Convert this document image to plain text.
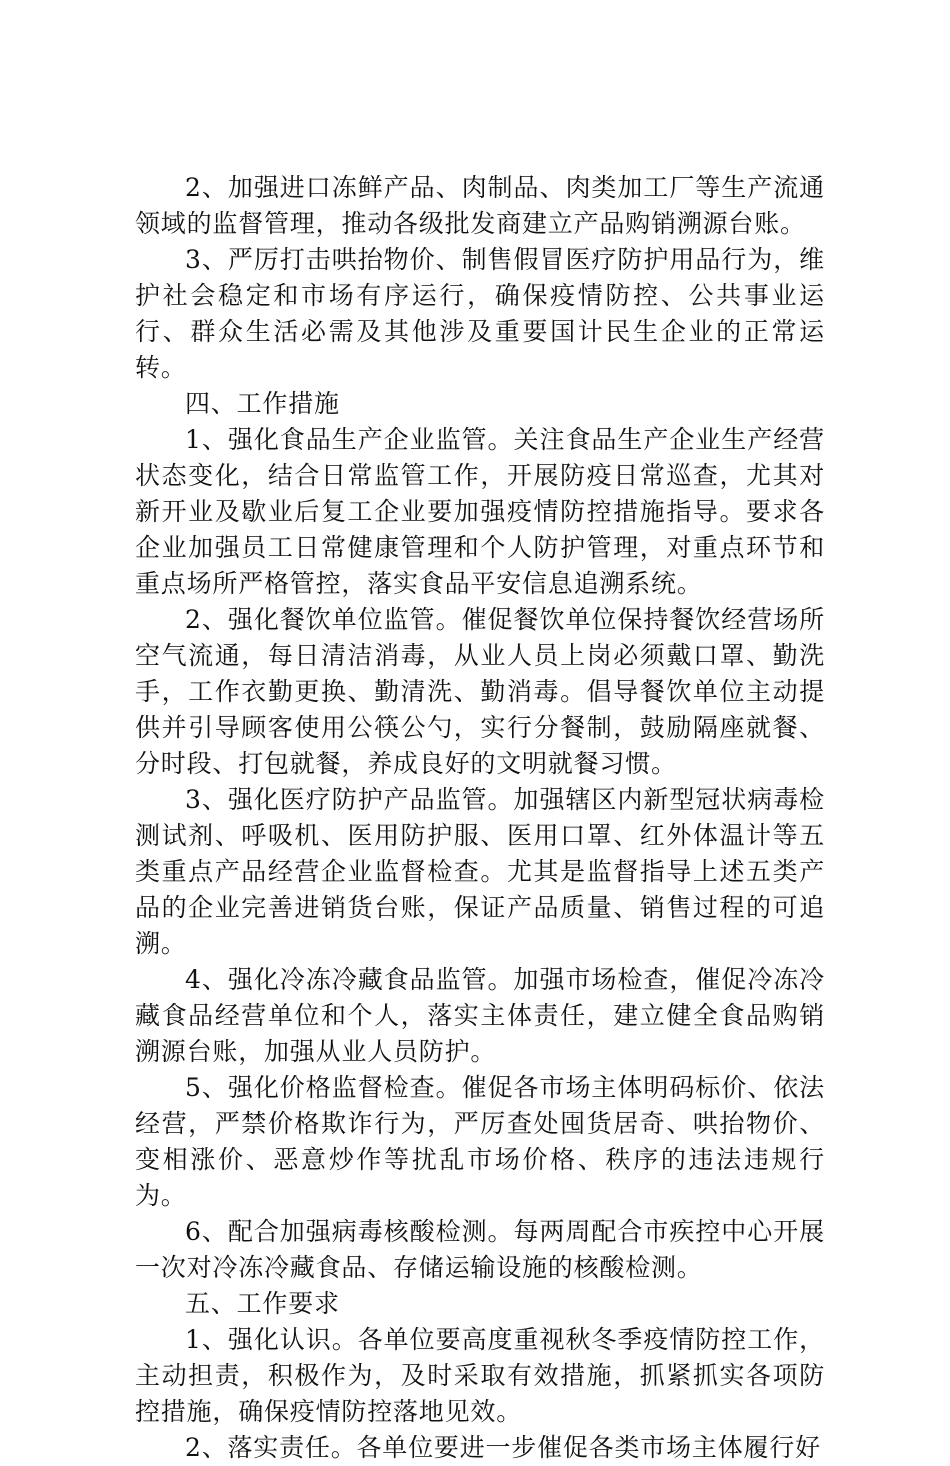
2、加强进口冻鲜产品、肉制品、肉类加工厂等生产流通领域的监督管理，推动各级批发商建立产品购销溯源台账。

3、严厉打击哄抬物价、制售假冒医疗防护用品行为，维护社会稳定和市场有序运行，确保疫情防控、公共事业运行、群众生活必需及其他涉及重要国计民生企业的正常运转。

四、工作措施

1、强化食品生产企业监管。关注食品生产企业生产经营状态变化，结合日常监管工作，开展防疫日常巡查，尤其对新开业及歇业后复工企业要加强疫情防控措施指导。要求各企业加强员工日常健康管理和个人防护管理，对重点环节和重点场所严格管控，落实食品平安信息追溯系统。

2、强化餐饮单位监管。催促餐饮单位保持餐饮经营场所空气流通，每日清洁消毒，从业人员上岗必须戴口罩、勤洗手，工作衣勤更换、勤清洗、勤消毒。倡导餐饮单位主动提供并引导顾客使用公筷公勺，实行分餐制，鼓励隔座就餐、分时段、打包就餐，养成良好的文明就餐习惯。

3、强化医疗防护产品监管。加强辖区内新型冠状病毒检测试剂、呼吸机、医用防护服、医用口罩、红外体温计等五类重点产品经营企业监督检查。尤其是监督指导上述五类产品的企业完善进销货台账，保证产品质量、销售过程的可追溯。

4、强化冷冻冷藏食品监管。加强市场检查，催促冷冻冷藏食品经营单位和个人，落实主体责任，建立健全食品购销溯源台账，加强从业人员防护。

5、强化价格监督检查。催促各市场主体明码标价、依法经营，严禁价格欺诈行为，严厉查处囤货居奇、哄抬物价、变相涨价、恶意炒作等扰乱市场价格、秩序的违法违规行为。

6、配合加强病毒核酸检测。每两周配合市疾控中心开展一次对冷冻冷藏食品、存储运输设施的核酸检测。

五、工作要求

1、强化认识。各单位要高度重视秋冬季疫情防控工作，主动担责，积极作为，及时采取有效措施，抓紧抓实各项防控措施，确保疫情防控落地见效。

2、落实责任。各单位要进一步催促各类市场主体履行好
